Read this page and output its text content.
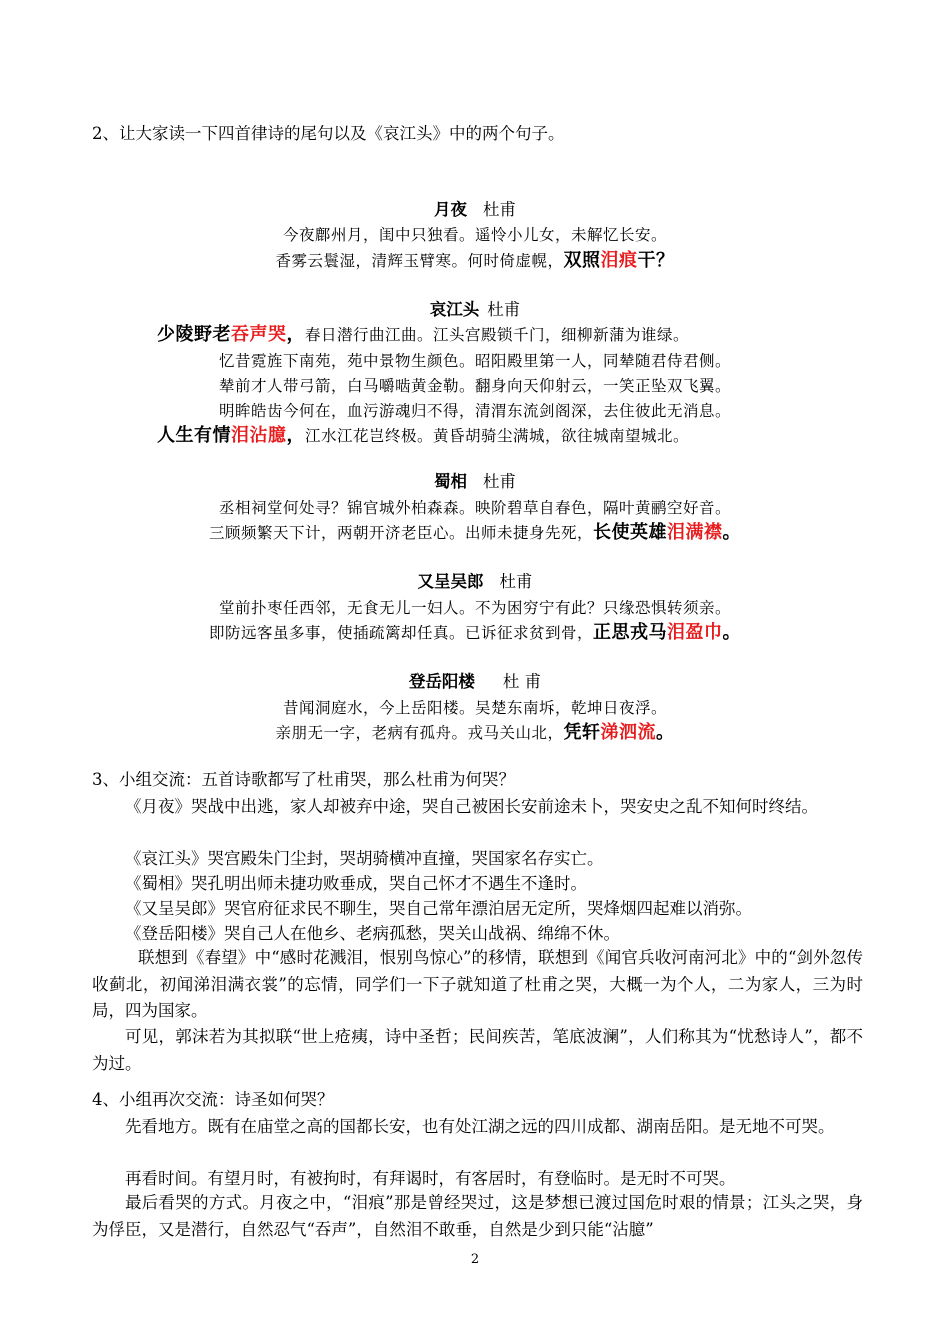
2、让大家读一下四首律诗的尾句以及《哀江头》中的两个句子。
月夜 杜甫
今夜鄜州月，闺中只独看。遥怜小儿女，未解忆长安。
香雾云鬟湿，清辉玉臂寒。何时倚虚幌，双照泪痕干？
哀江头 杜甫
少陵野老吞声哭，春日潜行曲江曲。江头宫殿锁千门，细柳新蒲为谁绿。
忆昔霓旌下南苑，苑中景物生颜色。昭阳殿里第一人，同辇随君侍君侧。
辇前才人带弓箭，白马嚼啮黄金勒。翻身向天仰射云，一笑正坠双飞翼。
明眸皓齿今何在，血污游魂归不得，清渭东流剑阁深，去住彼此无消息。
人生有情泪沾臆，江水江花岂终极。黄昏胡骑尘满城，欲往城南望城北。
蜀相 杜甫
丞相祠堂何处寻？锦官城外柏森森。映阶碧草自春色，隔叶黄鹂空好音。
三顾频繁天下计，两朝开济老臣心。出师未捷身先死，长使英雄泪满襟。
又呈吴郎 杜甫
堂前扑枣任西邻，无食无儿一妇人。不为困穷宁有此？只缘恐惧转须亲。
即防远客虽多事，使插疏篱却任真。已诉征求贫到骨，正思戎马泪盈巾。
登岳阳楼 杜 甫
昔闻洞庭水，今上岳阳楼。吴楚东南坼，乾坤日夜浮。
亲朋无一字，老病有孤舟。戎马关山北，凭轩涕泗流。
3、小组交流：五首诗歌都写了杜甫哭，那么杜甫为何哭？
《月夜》哭战中出逃，家人却被弃中途，哭自己被困长安前途未卜，哭安史之乱不知何时终结。
《哀江头》哭宫殿朱门尘封，哭胡骑横冲直撞，哭国家名存实亡。
《蜀相》哭孔明出师未捷功败垂成，哭自己怀才不遇生不逢时。
《又呈吴郎》哭官府征求民不聊生，哭自己常年漂泊居无定所，哭烽烟四起难以消弥。
《登岳阳楼》哭自己人在他乡、老病孤愁，哭关山战祸、绵绵不休。
联想到《春望》中“感时花溅泪，恨别鸟惊心”的移情，联想到《闻官兵收河南河北》中的“剑外忽传收蓟北，初闻涕泪满衣裳”的忘情，同学们一下子就知道了杜甫之哭，大概一为个人，二为家人，三为时局，四为国家。
可见，郭沫若为其拟联“世上疮痍，诗中圣哲；民间疾苦，笔底波澜”，人们称其为“忧愁诗人”，都不为过。
4、小组再次交流：诗圣如何哭？
先看地方。既有在庙堂之高的国都长安，也有处江湖之远的四川成都、湖南岳阳。是无地不可哭。
再看时间。有望月时，有被拘时，有拜谒时，有客居时，有登临时。是无时不可哭。
最后看哭的方式。月夜之中，“泪痕”那是曾经哭过，这是梦想已渡过国危时艰的情景；江头之哭，身为俘臣，又是潜行，自然忍气“吞声”，自然泪不敢垂，自然是少到只能“沾臆”
2
